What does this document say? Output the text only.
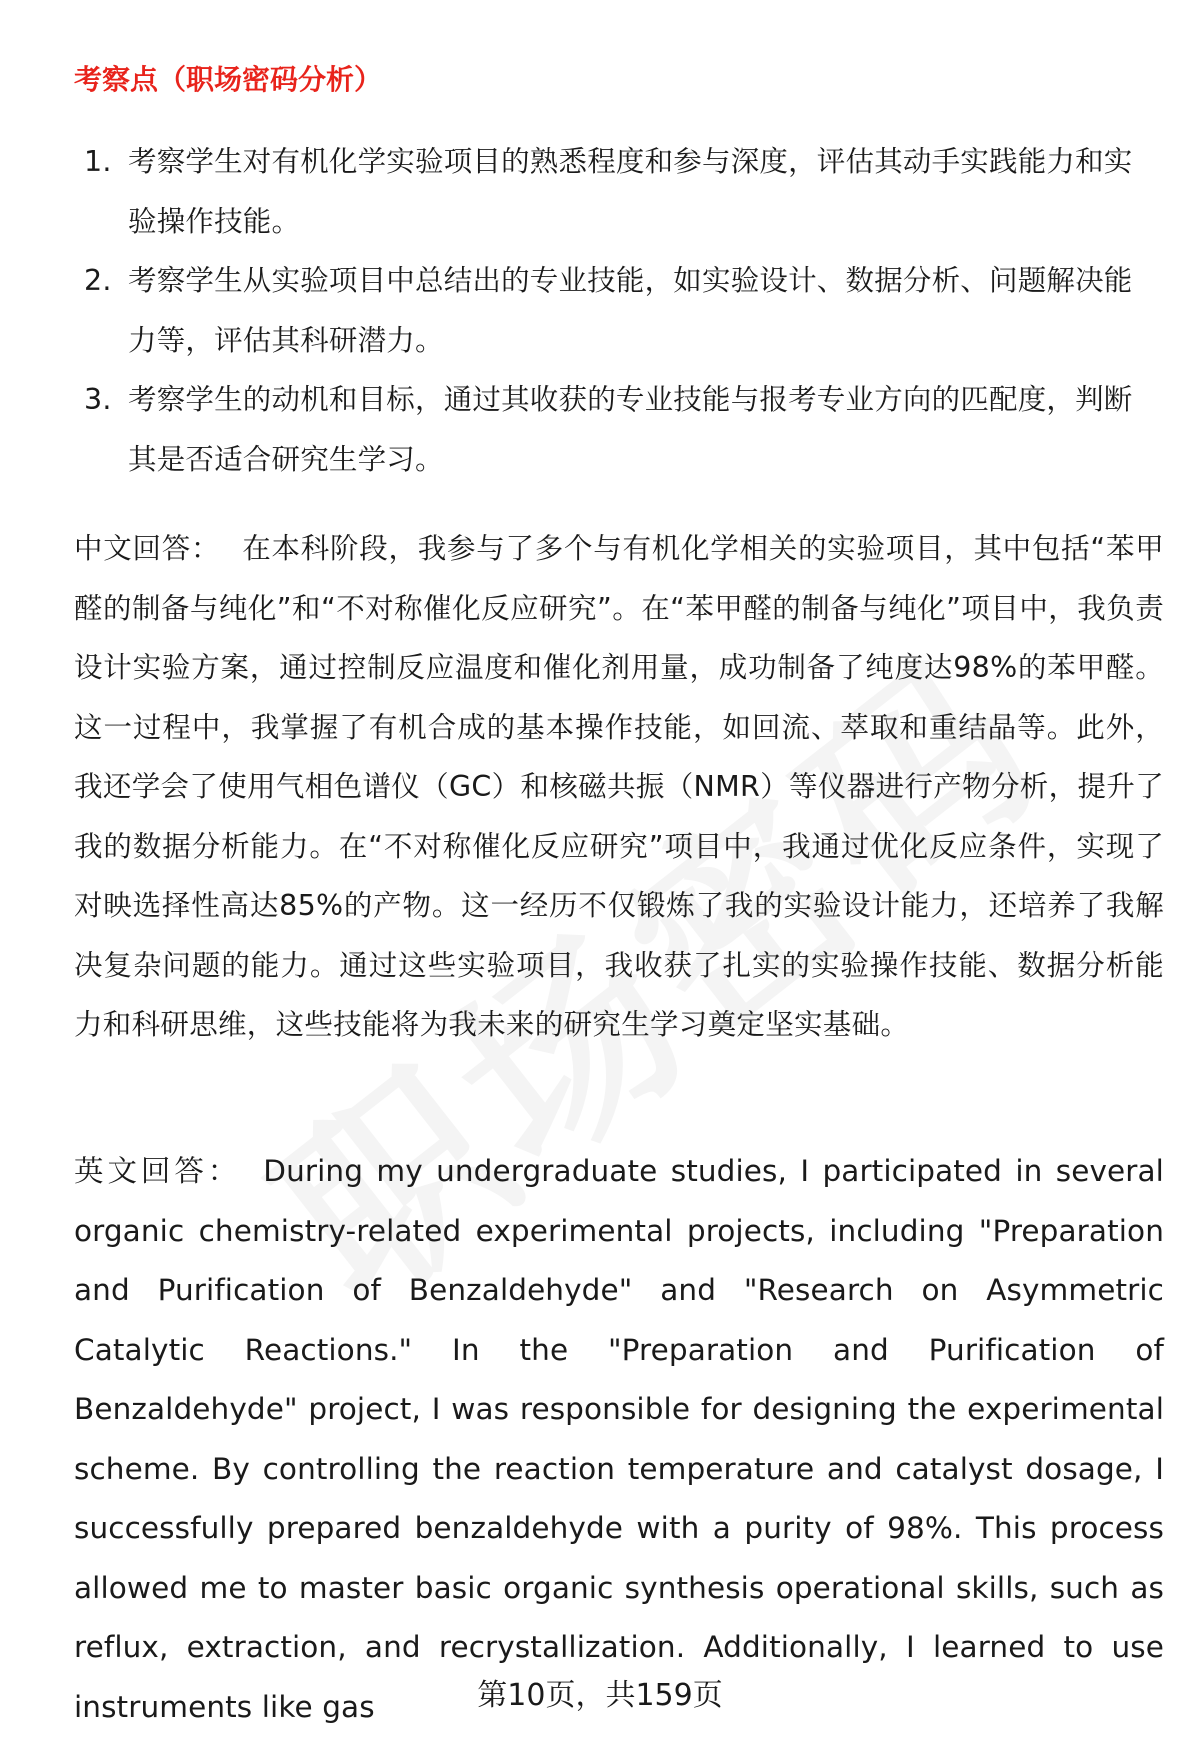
考察点（职场密码分析）
1. 考察学生对有机化学实验项目的熟悉程度和参与深度，评估其动手实践能力和实验操作技能。
2. 考察学生从实验项目中总结出的专业技能，如实验设计、数据分析、问题解决能力等，评估其科研潜力。
3. 考察学生的动机和目标，通过其收获的专业技能与报考专业方向的匹配度，判断其是否适合研究生学习。

中文回答： 在本科阶段，我参与了多个与有机化学相关的实验项目，其中包括“苯甲醛的制备与纯化”和“不对称催化反应研究”。在“苯甲醛的制备与纯化”项目中，我负责设计实验方案，通过控制反应温度和催化剂用量，成功制备了纯度达98%的苯甲醛。这一过程中，我掌握了有机合成的基本操作技能，如回流、萃取和重结晶等。此外，我还学会了使用气相色谱仪（GC）和核磁共振（NMR）等仪器进行产物分析，提升了我的数据分析能力。在“不对称催化反应研究”项目中，我通过优化反应条件，实现了对映选择性高达85%的产物。这一经历不仅锻炼了我的实验设计能力，还培养了我解决复杂问题的能力。通过这些实验项目，我收获了扎实的实验操作技能、数据分析能力和科研思维，这些技能将为我未来的研究生学习奠定坚实基础。

英文回答： During my undergraduate studies, I participated in several organic chemistry-related experimental projects, including "Preparation and Purification of Benzaldehyde" and "Research on Asymmetric Catalytic Reactions." In the "Preparation and Purification of Benzaldehyde" project, I was responsible for designing the experimental scheme. By controlling the reaction temperature and catalyst dosage, I successfully prepared benzaldehyde with a purity of 98%. This process allowed me to master basic organic synthesis operational skills, such as reflux, extraction, and recrystallization. Additionally, I learned to use instruments like gas	第10页，共159页
